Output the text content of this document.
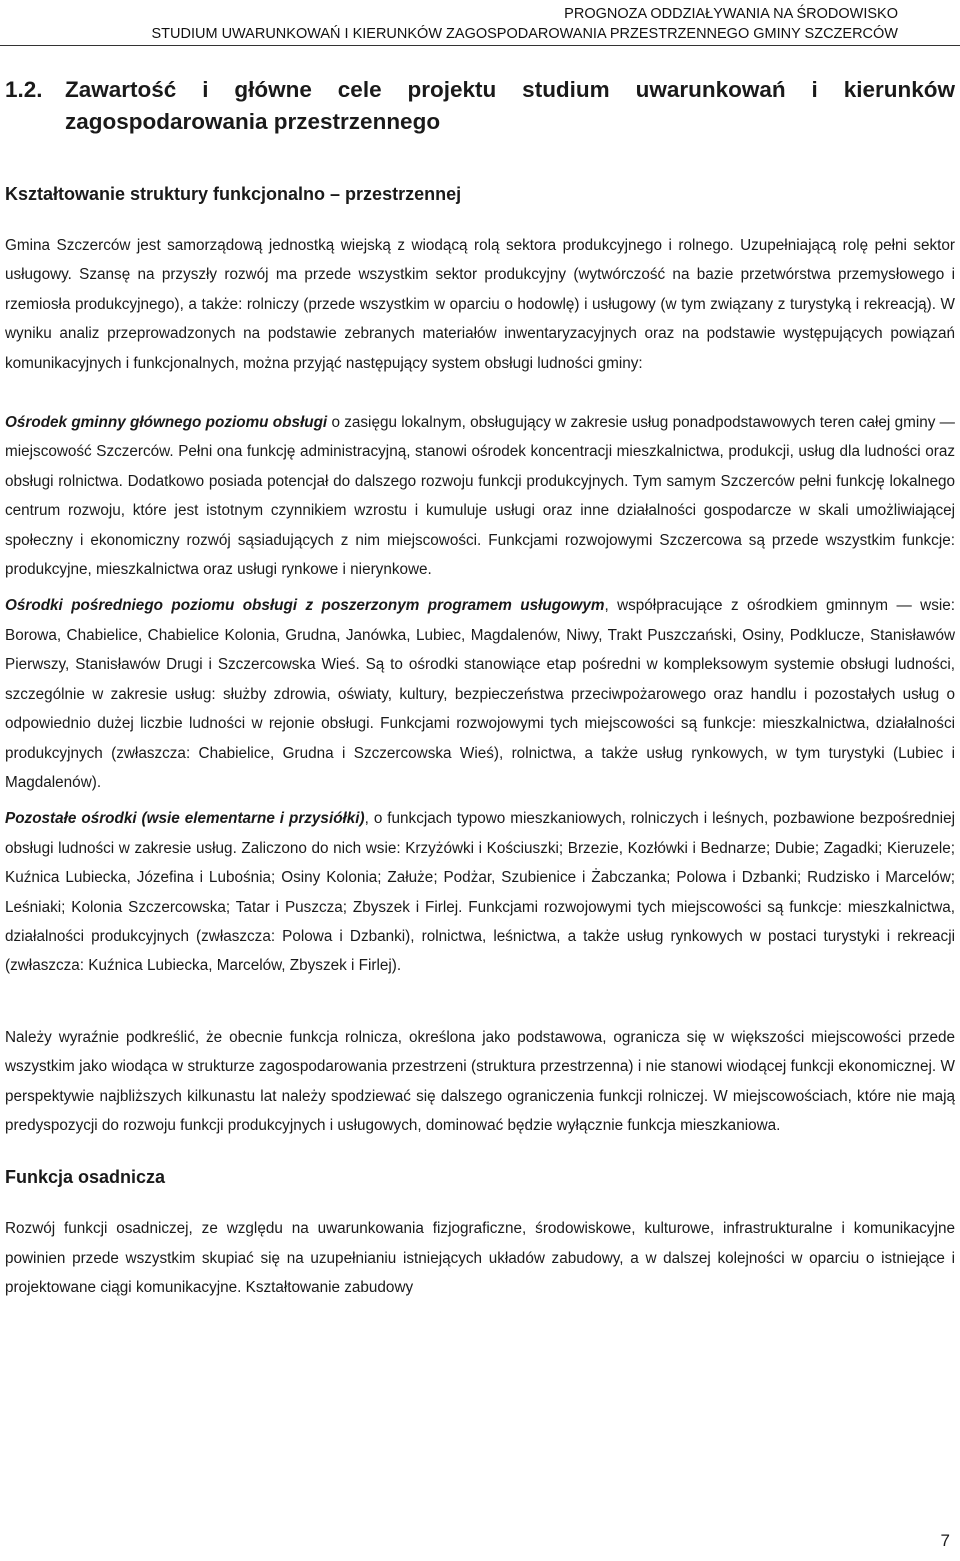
PROGNOZA ODDZIAŁYWANIA NA ŚRODOWISKO
STUDIUM UWARUNKOWAŃ I KIERUNKÓW ZAGOSPODAROWANIA PRZESTRZENNEGO GMINY SZCZERCÓW
1.2. Zawartość i główne cele projektu studium uwarunkowań i kierunków zagospodarowania przestrzennego
Kształtowanie struktury funkcjonalno – przestrzennej

Gmina Szczerców jest samorządową jednostką wiejską z wiodącą rolą sektora produkcyjnego i rolnego. Uzupełniającą rolę pełni sektor usługowy. Szansę na przyszły rozwój ma przede wszystkim sektor produkcyjny (wytwórczość na bazie przetwórstwa przemysłowego i rzemiosła produkcyjnego), a także: rolniczy (przede wszystkim w oparciu o hodowlę) i usługowy (w tym związany z turystyką i rekreacją). W wyniku analiz przeprowadzonych na podstawie zebranych materiałów inwentaryzacyjnych oraz na podstawie występujących powiązań komunikacyjnych i funkcjonalnych, można przyjąć następujący system obsługi ludności gminy:

Ośrodek gminny głównego poziomu obsługi o zasięgu lokalnym, obsługujący w zakresie usług ponadpodstawowych teren całej gminy — miejscowość Szczerców. Pełni ona funkcję administracyjną, stanowi ośrodek koncentracji mieszkalnictwa, produkcji, usług dla ludności oraz obsługi rolnictwa. Dodatkowo posiada potencjał do dalszego rozwoju funkcji produkcyjnych. Tym samym Szczerców pełni funkcję lokalnego centrum rozwoju, które jest istotnym czynnikiem wzrostu i kumuluje usługi oraz inne działalności gospodarcze w skali umożliwiającej społeczny i ekonomiczny rozwój sąsiadujących z nim miejscowości. Funkcjami rozwojowymi Szczercowa są przede wszystkim funkcje: produkcyjne, mieszkalnictwa oraz usługi rynkowe i nierynkowe.

Ośrodki pośredniego poziomu obsługi z poszerzonym programem usługowym, współpracujące z ośrodkiem gminnym — wsie: Borowa, Chabielice, Chabielice Kolonia, Grudna, Janówka, Lubiec, Magdalenów, Niwy, Trakt Puszczański, Osiny, Podklucze, Stanisławów Pierwszy, Stanisławów Drugi i Szczercowska Wieś. Są to ośrodki stanowiące etap pośredni w kompleksowym systemie obsługi ludności, szczególnie w zakresie usług: służby zdrowia, oświaty, kultury, bezpieczeństwa przeciwpożarowego oraz handlu i pozostałych usług o odpowiednio dużej liczbie ludności w rejonie obsługi. Funkcjami rozwojowymi tych miejscowości są funkcje: mieszkalnictwa, działalności produkcyjnych (zwłaszcza: Chabielice, Grudna i Szczercowska Wieś), rolnictwa, a także usług rynkowych, w tym turystyki (Lubiec i Magdalenów).

Pozostałe ośrodki (wsie elementarne i przysiółki), o funkcjach typowo mieszkaniowych, rolniczych i leśnych, pozbawione bezpośredniej obsługi ludności w zakresie usług. Zaliczono do nich wsie: Krzyżówki i Kościuszki; Brzezie, Kozłówki i Bednarze; Dubie; Zagadki; Kieruzele; Kuźnica Lubiecka, Józefina i Lubośnia; Osiny Kolonia; Załuże; Podżar, Szubienice i Żabczanka; Polowa i Dzbanki; Rudzisko i Marcelów; Leśniaki; Kolonia Szczercowska; Tatar i Puszcza; Zbyszek i Firlej. Funkcjami rozwojowymi tych miejscowości są funkcje: mieszkalnictwa, działalności produkcyjnych (zwłaszcza: Polowa i Dzbanki), rolnictwa, leśnictwa, a także usług rynkowych w postaci turystyki i rekreacji (zwłaszcza: Kuźnica Lubiecka, Marcelów, Zbyszek i Firlej).

Należy wyraźnie podkreślić, że obecnie funkcja rolnicza, określona jako podstawowa, ogranicza się w większości miejscowości przede wszystkim jako wiodąca w strukturze zagospodarowania przestrzeni (struktura przestrzenna) i nie stanowi wiodącej funkcji ekonomicznej. W perspektywie najbliższych kilkunastu lat należy spodziewać się dalszego ograniczenia funkcji rolniczej. W miejscowościach, które nie mają predyspozycji do rozwoju funkcji produkcyjnych i usługowych, dominować będzie wyłącznie funkcja mieszkaniowa.

Funkcja osadnicza

Rozwój funkcji osadniczej, ze względu na uwarunkowania fizjograficzne, środowiskowe, kulturowe, infrastrukturalne i komunikacyjne powinien przede wszystkim skupiać się na uzupełnianiu istniejących układów zabudowy, a w dalszej kolejności w oparciu o istniejące i projektowane ciągi komunikacyjne. Kształtowanie zabudowy

7
